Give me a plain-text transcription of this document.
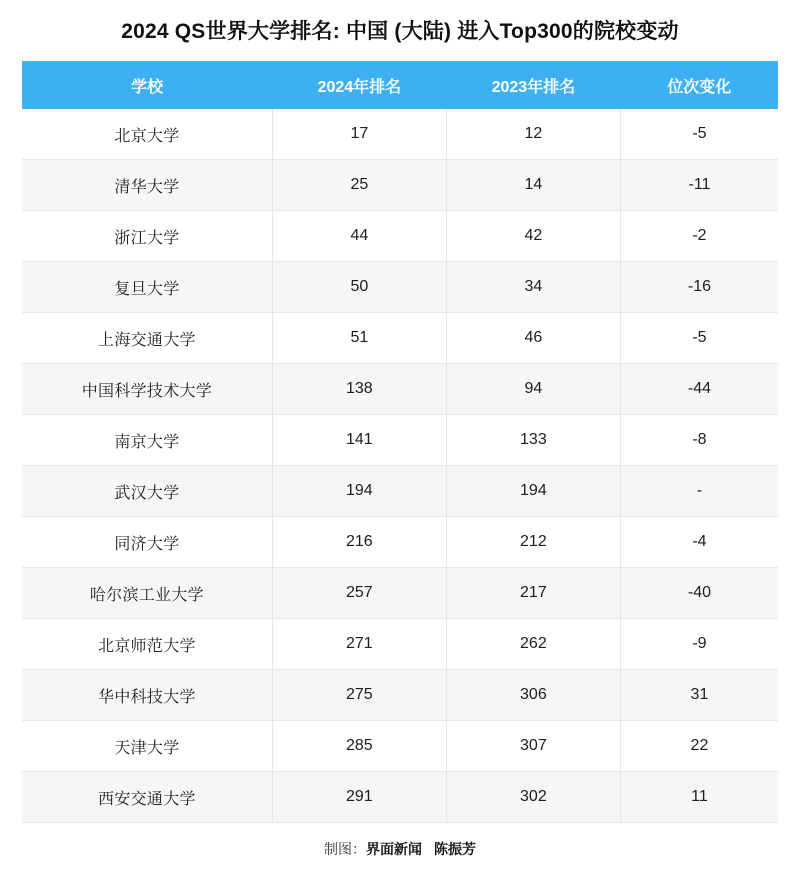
2024 QS世界大学排名: 中国 (大陆) 进入Top300的院校变动
学校	2024年排名	2023年排名	位次变化
北京大学	17	12	-5
清华大学	25	14	-11
浙江大学	44	42	-2
复旦大学	50	34	-16
上海交通大学	51	46	-5
中国科学技术大学	138	94	-44
南京大学	141	133	-8
武汉大学	194	194	-
同济大学	216	212	-4
哈尔滨工业大学	257	217	-40
北京师范大学	271	262	-9
华中科技大学	275	306	31
天津大学	285	307	22
西安交通大学	291	302	11
制图：界面新闻 陈振芳
